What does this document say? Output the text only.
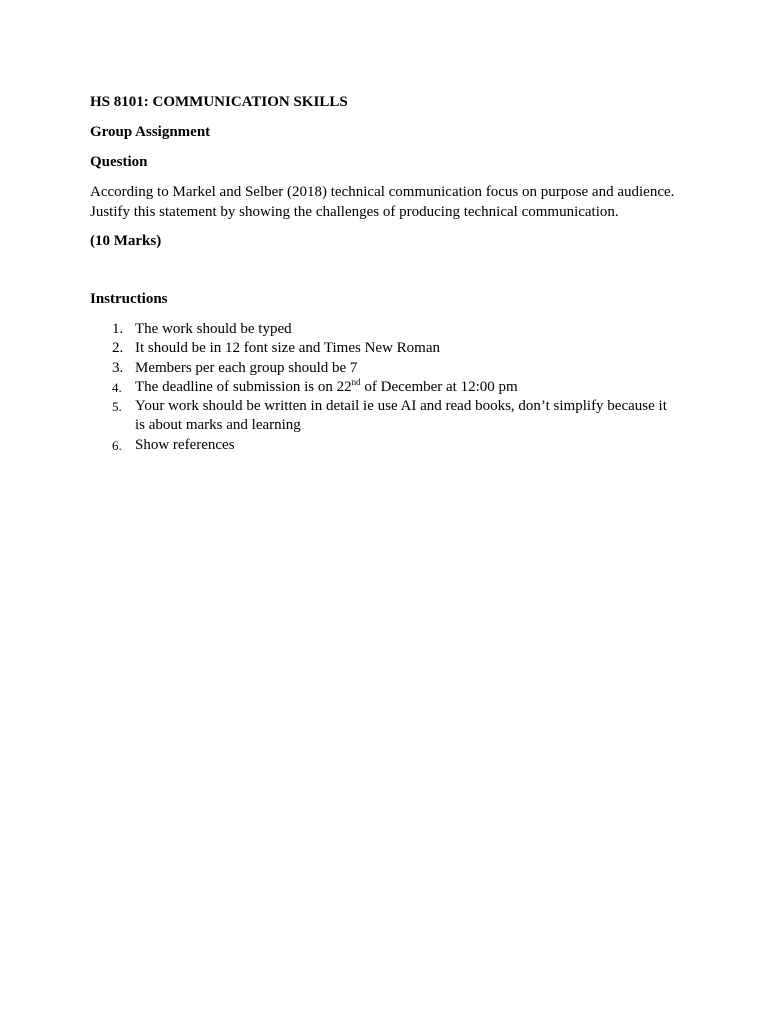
HS 8101: COMMUNICATION SKILLS

Group Assignment

Question

According to Markel and Selber (2018) technical communication focus on purpose and audience.
Justify this statement by showing the challenges of producing technical communication.

(10 Marks)

Instructions

1. The work should be typed
2. It should be in 12 font size and Times New Roman
3. Members per each group should be 7
4. The deadline of submission is on 22nd of December at 12:00 pm
5. Your work should be written in detail ie use AI and read books, don’t simplify because it
is about marks and learning
6. Show references
